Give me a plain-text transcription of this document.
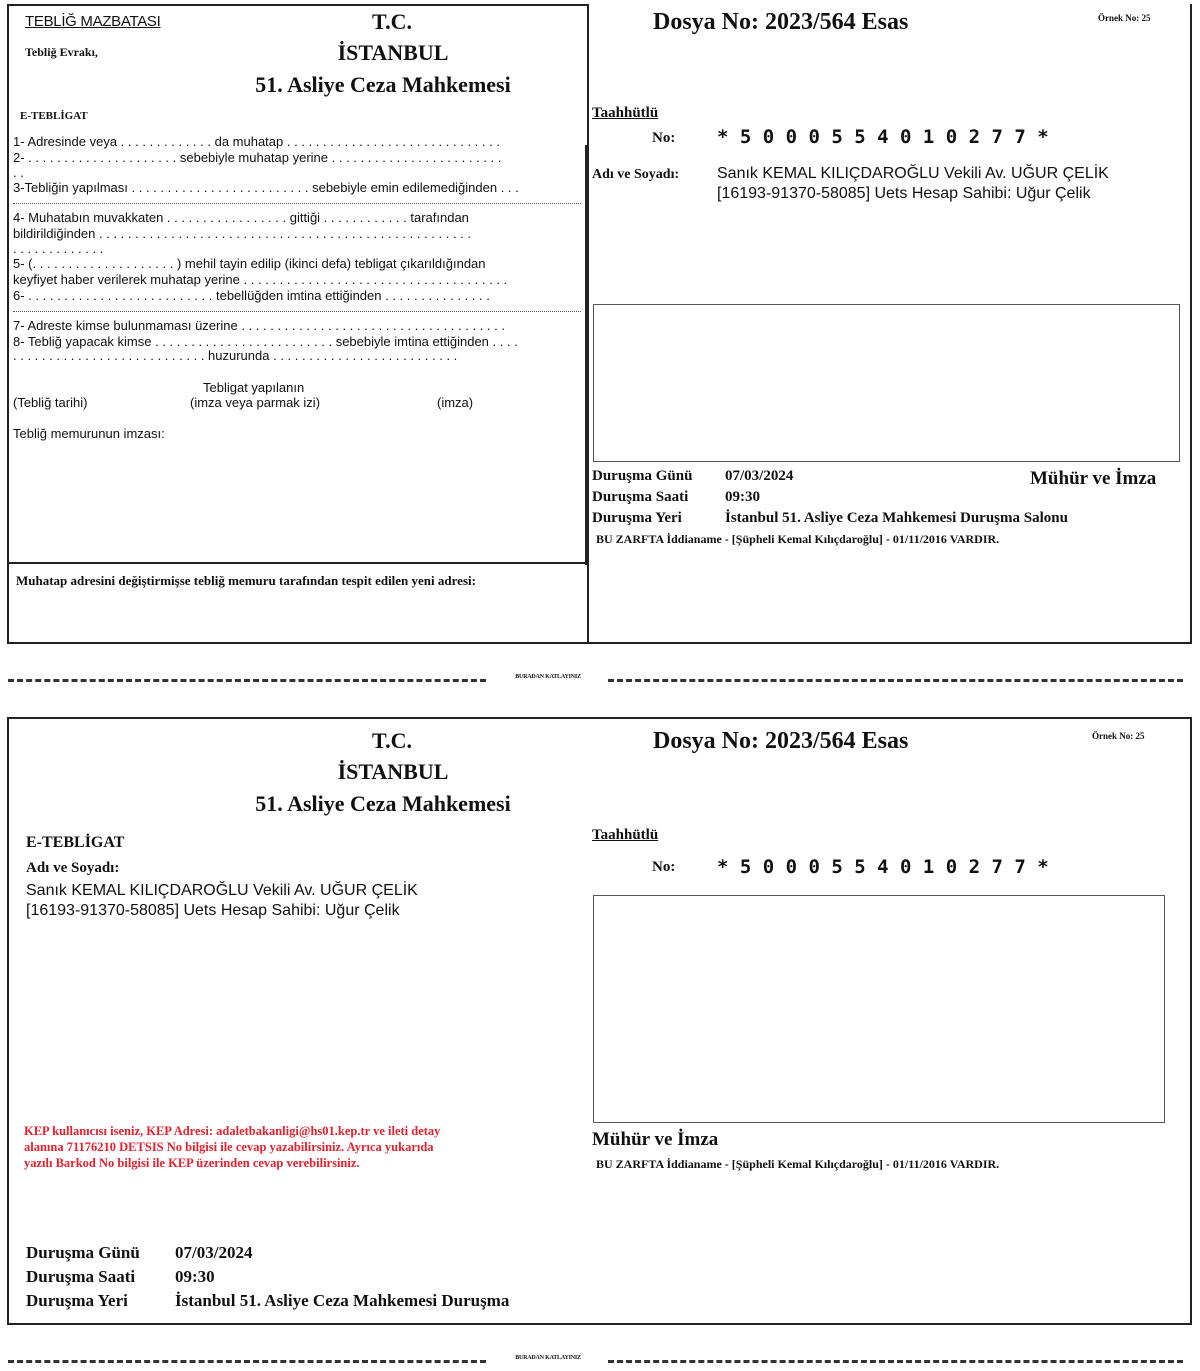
TEBLİĞ MAZBATASI
Tebliğ Evrakı,
T.C.
İSTANBUL
51. Asliye Ceza Mahkemesi
E-TEBLİGAT
1- Adresinde veya . . . . . . . . . . . . . da muhatap . . . . . . . . . . . . . . . . . . . . . . . . . . . . . .
2- . . . . . . . . . . . . . . . . . . . . . sebebiyle muhatap yerine . . . . . . . . . . . . . . . . . . . . . . . .
. .
3-Tebliğin yapılması . . . . . . . . . . . . . . . . . . . . . . . . . sebebiyle emin edilemediğinden . . .
4- Muhatabın muvakkaten . . . . . . . . . . . . . . . . . gittiği . . . . . . . . . . . . tarafından
bildirildiğinden . . . . . . . . . . . . . . . . . . . . . . . . . . . . . . . . . . . . . . . . . . . . . . . . . . . .
. . . . . . . . . . . . .
5- (. . . . . . . . . . . . . . . . . . . . ) mehil tayin edilip (ikinci defa) tebligat çıkarıldığından
keyfiyet haber verilerek muhatap yerine . . . . . . . . . . . . . . . . . . . . . . . . . . . . . . . . . . . . .
6- . . . . . . . . . . . . . . . . . . . . . . . . . . tebellüğden imtina ettiğinden . . . . . . . . . . . . . . .
7- Adreste kimse bulunmaması üzerine . . . . . . . . . . . . . . . . . . . . . . . . . . . . . . . . . . . . .
8- Tebliğ yapacak kimse . . . . . . . . . . . . . . . . . . . . . . . . . sebebiyle imtina ettiğinden . . . .
. . . . . . . . . . . . . . . . . . . . . . . . . . . huzurunda . . . . . . . . . . . . . . . . . . . . . . . . . .
Tebligat yapılanın
(Tebliğ tarihi)	(imza veya parmak izi)	(imza)
Tebliğ memurunun imzası:
Muhatap adresini değiştirmişse tebliğ memuru tarafından tespit edilen yeni adresi:
Dosya No: 2023/564 Esas	Örnek No: 25
Taahhütlü
No: * 5 0 0 0 5 5 4 0 1 0 2 7 7 *
Adı ve Soyadı: Sanık KEMAL KILIÇDAROĞLU Vekili Av. UĞUR ÇELİK
[16193-91370-58085] Uets Hesap Sahibi: Uğur Çelik
Duruşma Günü 07/03/2024
Duruşma Saati 09:30
Duruşma Yeri	İstanbul 51. Asliye Ceza Mahkemesi Duruşma Salonu
Mühür ve İmza
BU ZARFTA İddianame - [Şüpheli Kemal Kılıçdaroğlu] - 01/11/2016 VARDIR.
BURADAN KATLAYINIZ
T.C.
İSTANBUL
51. Asliye Ceza Mahkemesi
Dosya No: 2023/564 Esas	Örnek No: 25
E-TEBLİGAT
Adı ve Soyadı:
Sanık KEMAL KILIÇDAROĞLU Vekili Av. UĞUR ÇELİK
[16193-91370-58085] Uets Hesap Sahibi: Uğur Çelik
KEP kullanıcısı iseniz, KEP Adresi: adaletbakanligi@hs01.kep.tr ve ileti detay
alanına 71176210 DETSIS No bilgisi ile cevap yazabilirsiniz. Ayrıca yukarıda
yazılı Barkod No bilgisi ile KEP üzerinden cevap verebilirsiniz.
Taahhütlü
No: * 5 0 0 0 5 5 4 0 1 0 2 7 7 *
Mühür ve İmza
BU ZARFTA İddianame - [Şüpheli Kemal Kılıçdaroğlu] - 01/11/2016 VARDIR.
Duruşma Günü 07/03/2024
Duruşma Saati 09:30
Duruşma Yeri	İstanbul 51. Asliye Ceza Mahkemesi Duruşma
BURADAN KATLAYINIZ
